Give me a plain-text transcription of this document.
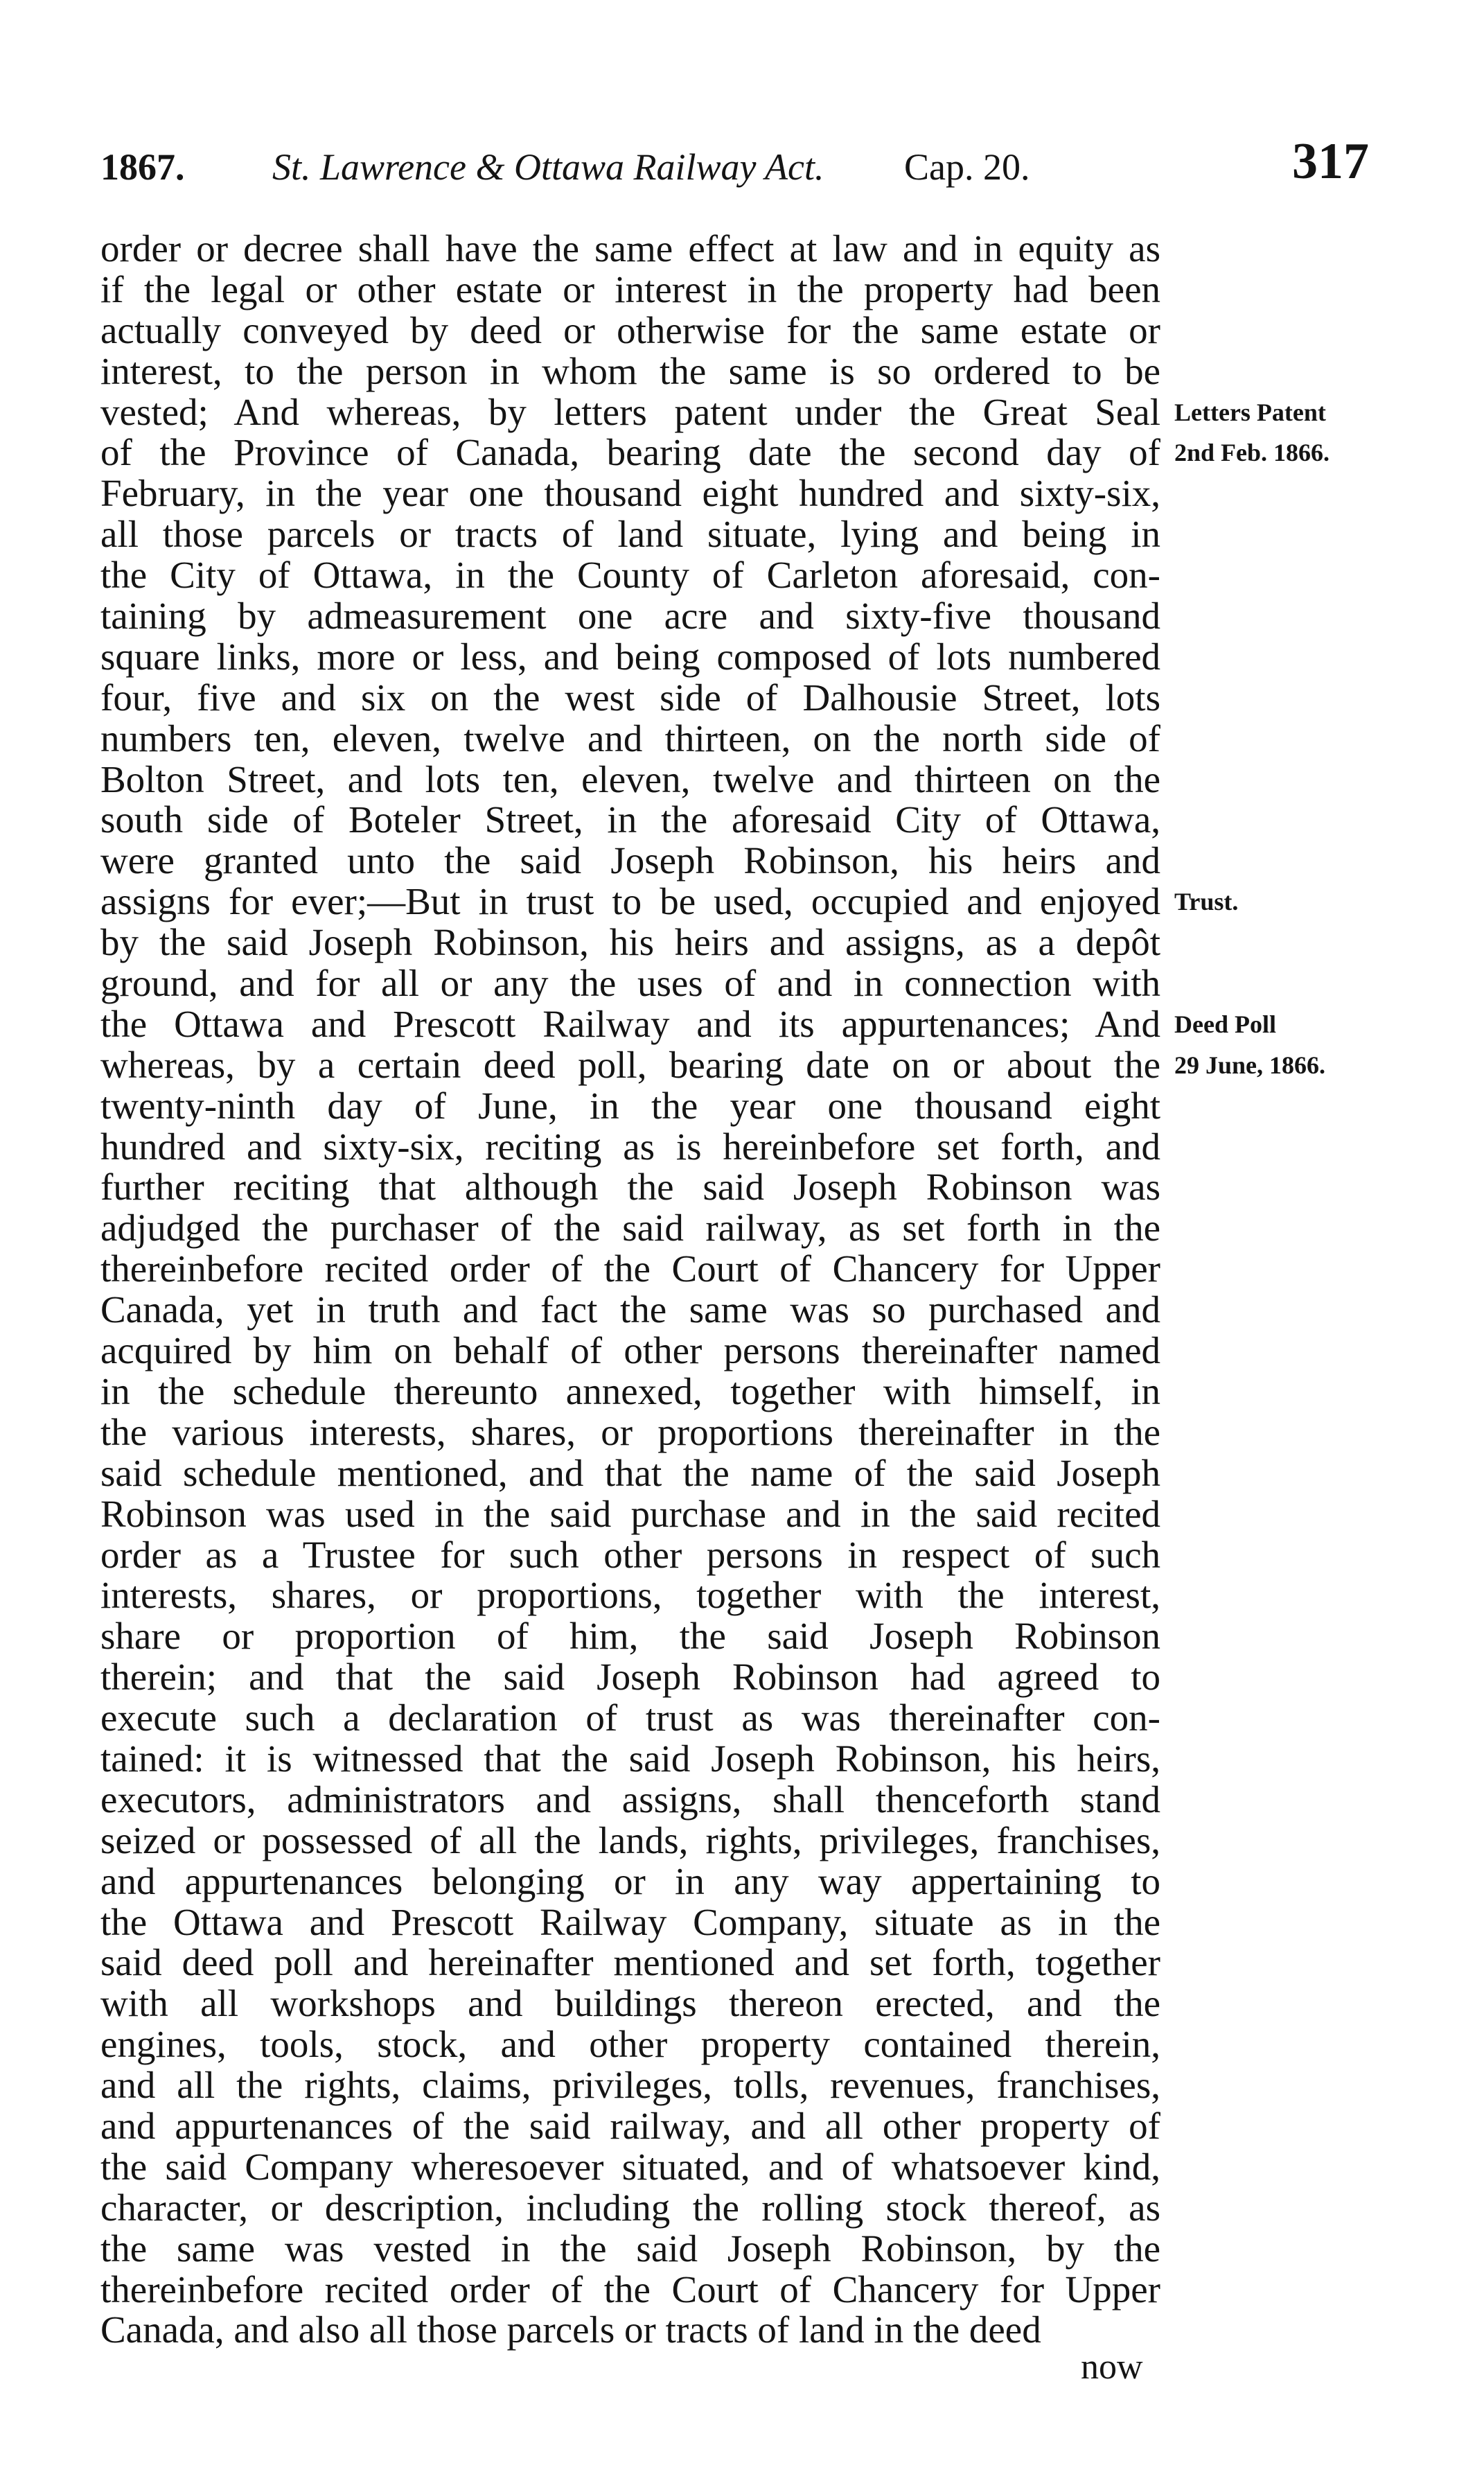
1867. St. Lawrence & Ottawa Railway Act. Cap. 20.	317
order or decree shall have the same effect at law and in equity as
if the legal or other estate or interest in the property had been
actually conveyed by deed or otherwise for the same estate or
interest, to the person in whom the same is so ordered to be
vested; And whereas, by letters patent under the Great Seal
of the Province of Canada, bearing date the second day of
February, in the year one thousand eight hundred and sixty-six,
all those parcels or tracts of land situate, lying and being in
the City of Ottawa, in the County of Carleton aforesaid, con-
taining by admeasurement one acre and sixty-five thousand
square links, more or less, and being composed of lots numbered
four, five and six on the west side of Dalhousie Street, lots
numbers ten, eleven, twelve and thirteen, on the north side of
Bolton Street, and lots ten, eleven, twelve and thirteen on the
south side of Boteler Street, in the aforesaid City of Ottawa,
were granted unto the said Joseph Robinson, his heirs and
assigns for ever;—But in trust to be used, occupied and enjoyed
by the said Joseph Robinson, his heirs and assigns, as a depôt
ground, and for all or any the uses of and in connection with
the Ottawa and Prescott Railway and its appurtenances; And
whereas, by a certain deed poll, bearing date on or about the
twenty-ninth day of June, in the year one thousand eight
hundred and sixty-six, reciting as is hereinbefore set forth, and
further reciting that although the said Joseph Robinson was
adjudged the purchaser of the said railway, as set forth in the
thereinbefore recited order of the Court of Chancery for Upper
Canada, yet in truth and fact the same was so purchased and
acquired by him on behalf of other persons thereinafter named
in the schedule thereunto annexed, together with himself, in
the various interests, shares, or proportions thereinafter in the
said schedule mentioned, and that the name of the said Joseph
Robinson was used in the said purchase and in the said recited
order as a Trustee for such other persons in respect of such
interests, shares, or proportions, together with the interest,
share or proportion of him, the said Joseph Robinson
therein; and that the said Joseph Robinson had agreed to
execute such a declaration of trust as was thereinafter con-
tained: it is witnessed that the said Joseph Robinson, his heirs,
executors, administrators and assigns, shall thenceforth stand
seized or possessed of all the lands, rights, privileges, franchises,
and appurtenances belonging or in any way appertaining to
the Ottawa and Prescott Railway Company, situate as in the
said deed poll and hereinafter mentioned and set forth, together
with all workshops and buildings thereon erected, and the
engines, tools, stock, and other property contained therein,
and all the rights, claims, privileges, tolls, revenues, franchises,
and appurtenances of the said railway, and all other property of
the said Company wheresoever situated, and of whatsoever kind,
character, or description, including the rolling stock thereof, as
the same was vested in the said Joseph Robinson, by the
thereinbefore recited order of the Court of Chancery for Upper
Canada, and also all those parcels or tracts of land in the deed
Letters Patent
2nd Feb. 1866.
Trust.
Deed Poll
29 June, 1866.
now
